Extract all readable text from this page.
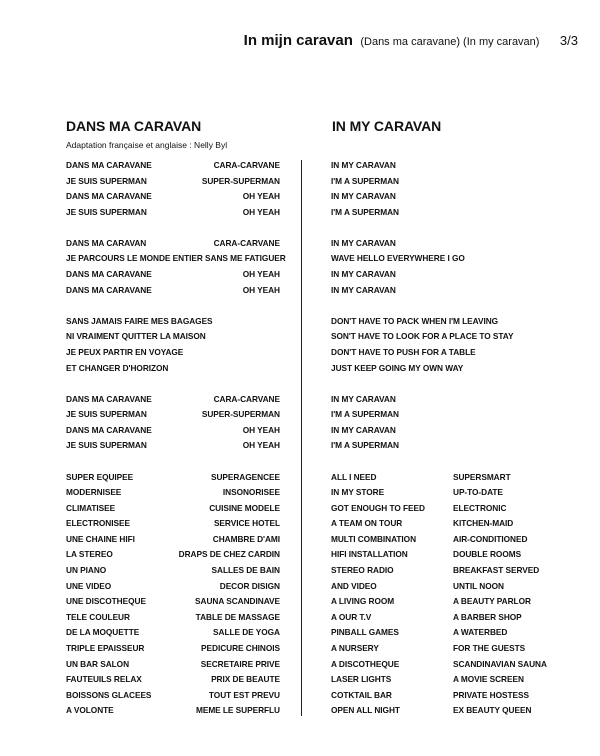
In mijn caravan (Dans ma caravane) (In my caravan) 3/3
DANS MA CARAVAN
Adaptation française et anglaise : Nelly Byl
IN MY CARAVAN
DANS MA CARAVANE	CARA-CARVANE
JE SUIS SUPERMAN	SUPER-SUPERMAN
DANS MA CARAVANE	OH YEAH
JE SUIS SUPERMAN	OH YEAH
DANS MA CARAVAN	CARA-CARVANE
JE PARCOURS LE MONDE ENTIER SANS ME FATIGUER
DANS MA CARAVANE	OH YEAH
DANS MA CARAVANE	OH YEAH
SANS JAMAIS FAIRE MES BAGAGES
NI VRAIMENT QUITTER LA MAISON
JE PEUX PARTIR EN VOYAGE
ET CHANGER D'HORIZON
DANS MA CARAVANE	CARA-CARVANE
JE SUIS SUPERMAN	SUPER-SUPERMAN
DANS MA CARAVANE	OH YEAH
JE SUIS SUPERMAN	OH YEAH
SUPER EQUIPEE	SUPERAGENCEE
MODERNISEE	INSONORISEE
CLIMATISEE	CUISINE MODELE
ELECTRONISEE	SERVICE HOTEL
UNE CHAINE HIFI	CHAMBRE D'AMI
LA STEREO	DRAPS DE CHEZ CARDIN
UN PIANO	SALLES DE BAIN
UNE VIDEO	DECOR DISIGN
UNE DISCOTHEQUE	SAUNA SCANDINAVE
TELE COULEUR	TABLE DE MASSAGE
DE LA MOQUETTE	SALLE DE YOGA
TRIPLE EPAISSEUR	PEDICURE CHINOIS
UN BAR SALON	SECRETAIRE PRIVE
FAUTEUILS RELAX	PRIX DE BEAUTE
BOISSONS GLACEES	TOUT EST PREVU
A VOLONTE	MEME LE SUPERFLU
IN MY CARAVAN
I'M A SUPERMAN
IN MY CARAVAN
I'M A SUPERMAN
IN MY CARAVAN
WAVE HELLO EVERYWHERE I GO
IN MY CARAVAN
IN MY CARAVAN
DON'T HAVE TO PACK WHEN I'M LEAVING
SON'T HAVE TO LOOK FOR A PLACE TO STAY
DON'T HAVE TO PUSH FOR A TABLE
JUST KEEP GOING MY OWN WAY
IN MY CARAVAN
I'M A SUPERMAN
IN MY CARAVAN
I'M A SUPERMAN
ALL I NEED	SUPERSMART
IN MY STORE	UP-TO-DATE
GOT ENOUGH TO FEED	ELECTRONIC
A TEAM ON TOUR	KITCHEN-MAID
MULTI COMBINATION	AIR-CONDITIONED
HIFI INSTALLATION	DOUBLE ROOMS
STEREO RADIO	BREAKFAST SERVED
AND VIDEO	UNTIL NOON
A LIVING ROOM	A BEAUTY PARLOR
A OUR T.V	A BARBER SHOP
PINBALL GAMES	A WATERBED
A NURSERY	FOR THE GUESTS
A DISCOTHEQUE	SCANDINAVIAN SAUNA
LASER LIGHTS	A MOVIE SCREEN
COTKTAIL BAR	PRIVATE HOSTESS
OPEN ALL NIGHT	EX BEAUTY QUEEN
